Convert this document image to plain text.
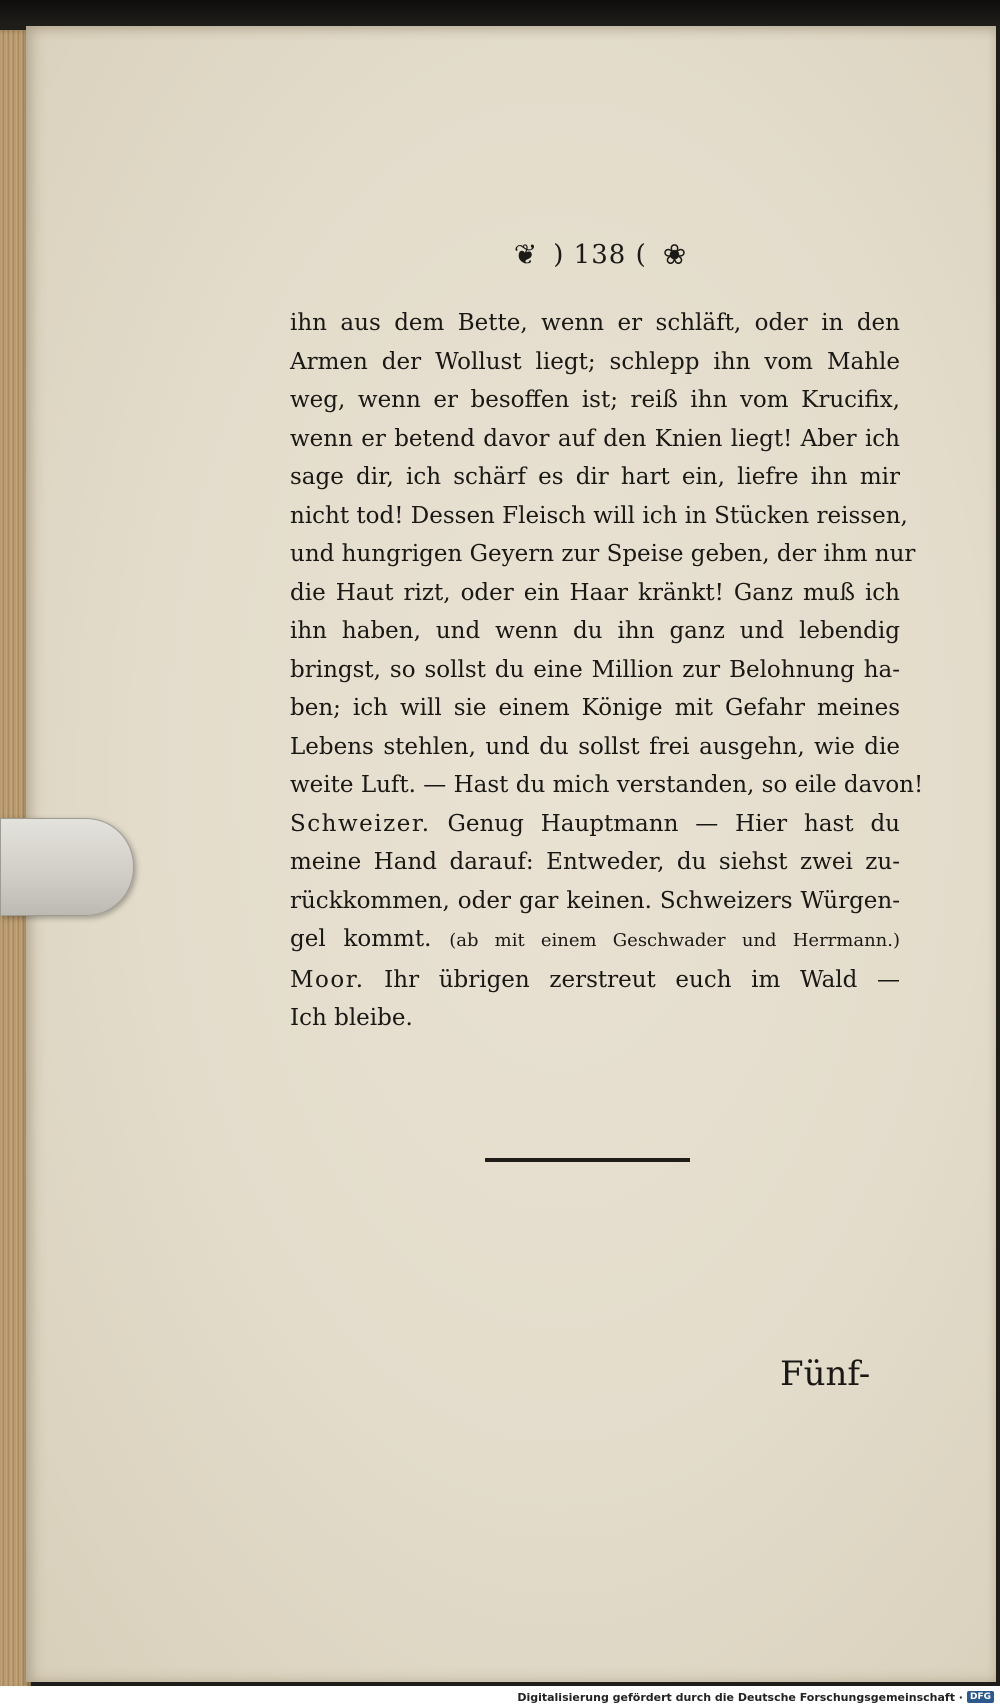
❦ ) 138 ( ❀
ihn aus dem Bette, wenn er schläft, oder in den
Armen der Wollust liegt; schlepp ihn vom Mahle
weg, wenn er besoffen ist; reiß ihn vom Krucifix,
wenn er betend davor auf den Knien liegt! Aber ich
sage dir, ich schärf es dir hart ein, liefre ihn mir
nicht tod! Dessen Fleisch will ich in Stücken reissen,
und hungrigen Geyern zur Speise geben, der ihm nur
die Haut rizt, oder ein Haar kränkt! Ganz muß ich
ihn haben, und wenn du ihn ganz und lebendig
bringst, so sollst du eine Million zur Belohnung ha-
ben; ich will sie einem Könige mit Gefahr meines
Lebens stehlen, und du sollst frei ausgehn, wie die
weite Luft. — Hast du mich verstanden, so eile davon!
Schweizer. Genug Hauptmann — Hier hast du
meine Hand darauf: Entweder, du siehst zwei zu-
rückkommen, oder gar keinen. Schweizers Würgen-
gel kommt. (ab mit einem Geschwader und Herrmann.)
Moor. Ihr übrigen zerstreut euch im Wald —
Ich bleibe.
Fünf-
Digitalisierung gefördert durch die Deutsche Forschungsgemeinschaft · DFG
